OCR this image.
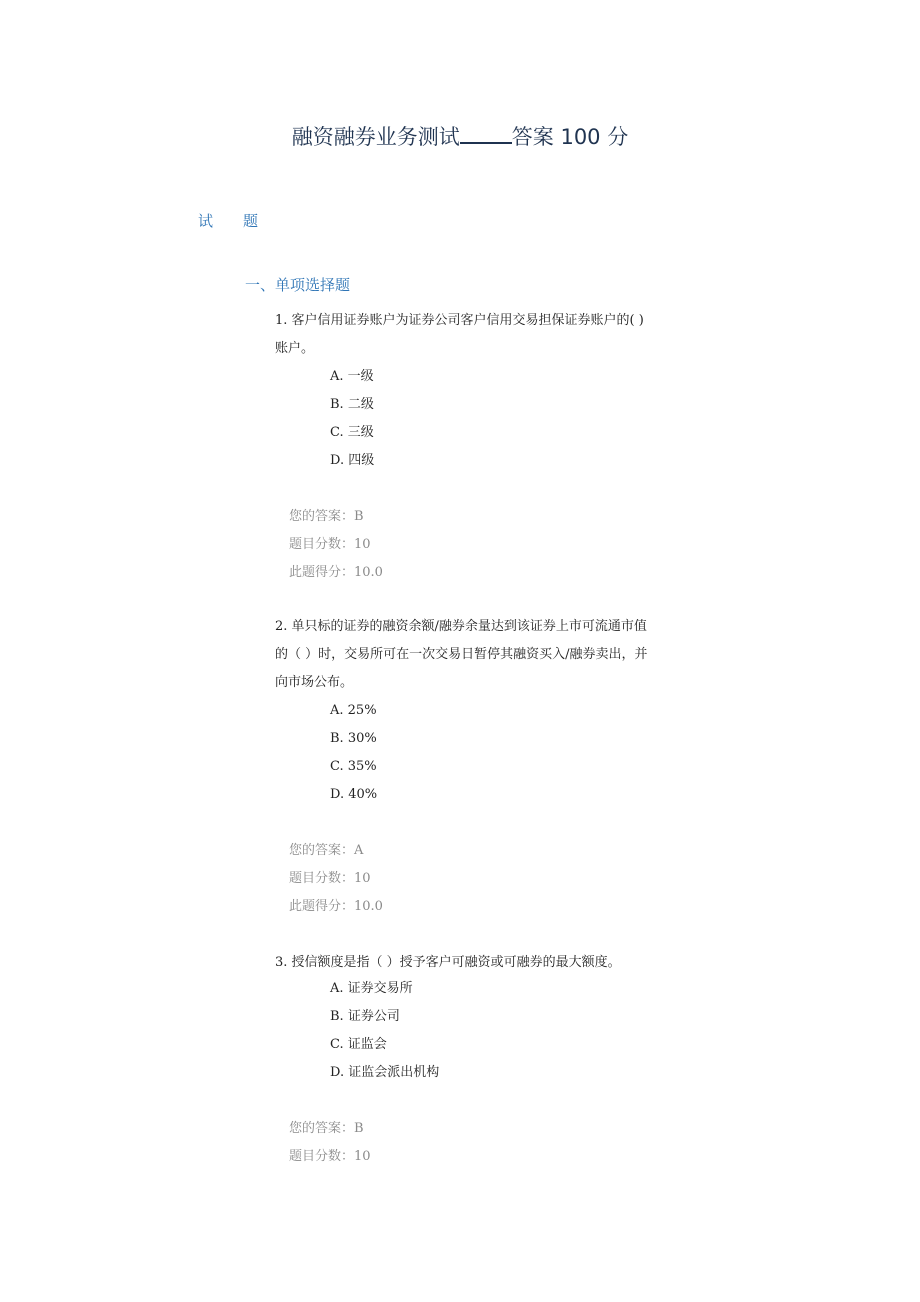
融资融券业务测试 答案 100 分
试题
一、单项选择题
1. 客户信用证券账户为证券公司客户信用交易担保证券账户的( )
账户。
A. 一级
B. 二级
C. 三级
D. 四级
您的答案：B
题目分数：10
此题得分：10.0
2. 单只标的证券的融资余额/融券余量达到该证券上市可流通市值
的（ ）时，交易所可在一次交易日暂停其融资买入/融券卖出，并
向市场公布。
A. 25%
B. 30%
C. 35%
D. 40%
您的答案：A
题目分数：10
此题得分：10.0
3. 授信额度是指（ ）授予客户可融资或可融券的最大额度。
A. 证券交易所
B. 证券公司
C. 证监会
D. 证监会派出机构
您的答案：B
题目分数：10
